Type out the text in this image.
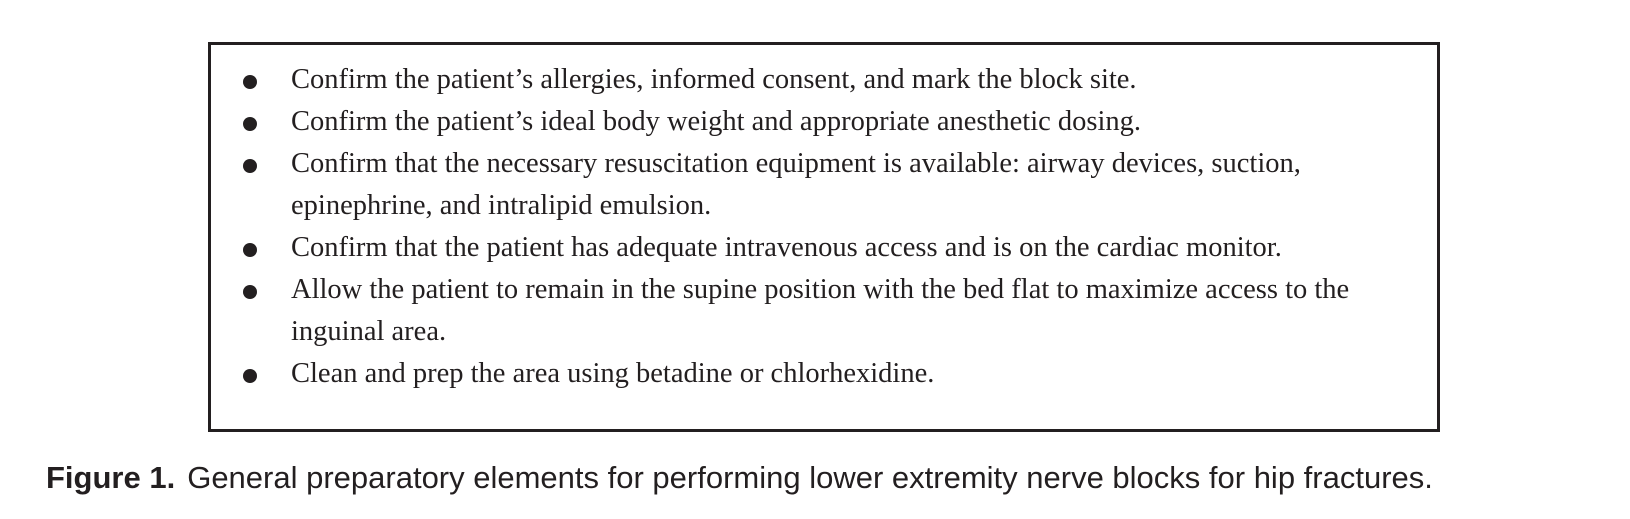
Confirm the patient’s allergies, informed consent, and mark the block site.
Confirm the patient’s ideal body weight and appropriate anesthetic dosing.
Confirm that the necessary resuscitation equipment is available: airway devices, suction, epinephrine, and intralipid emulsion.
Confirm that the patient has adequate intravenous access and is on the cardiac monitor.
Allow the patient to remain in the supine position with the bed flat to maximize access to the inguinal area.
Clean and prep the area using betadine or chlorhexidine.
Figure 1. General preparatory elements for performing lower extremity nerve blocks for hip fractures.
